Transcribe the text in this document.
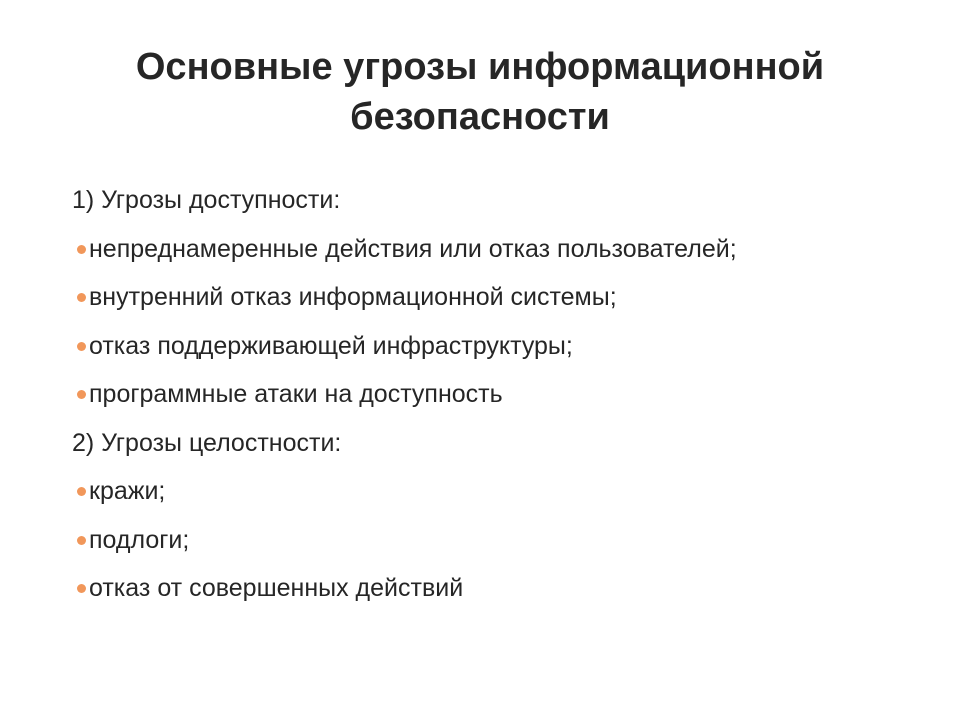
Основные угрозы информационной безопасности
1) Угрозы доступности:
непреднамеренные действия или отказ пользователей;
внутренний отказ информационной системы;
отказ поддерживающей инфраструктуры;
программные атаки на доступность
2) Угрозы целостности:
кражи;
подлоги;
отказ от совершенных действий
